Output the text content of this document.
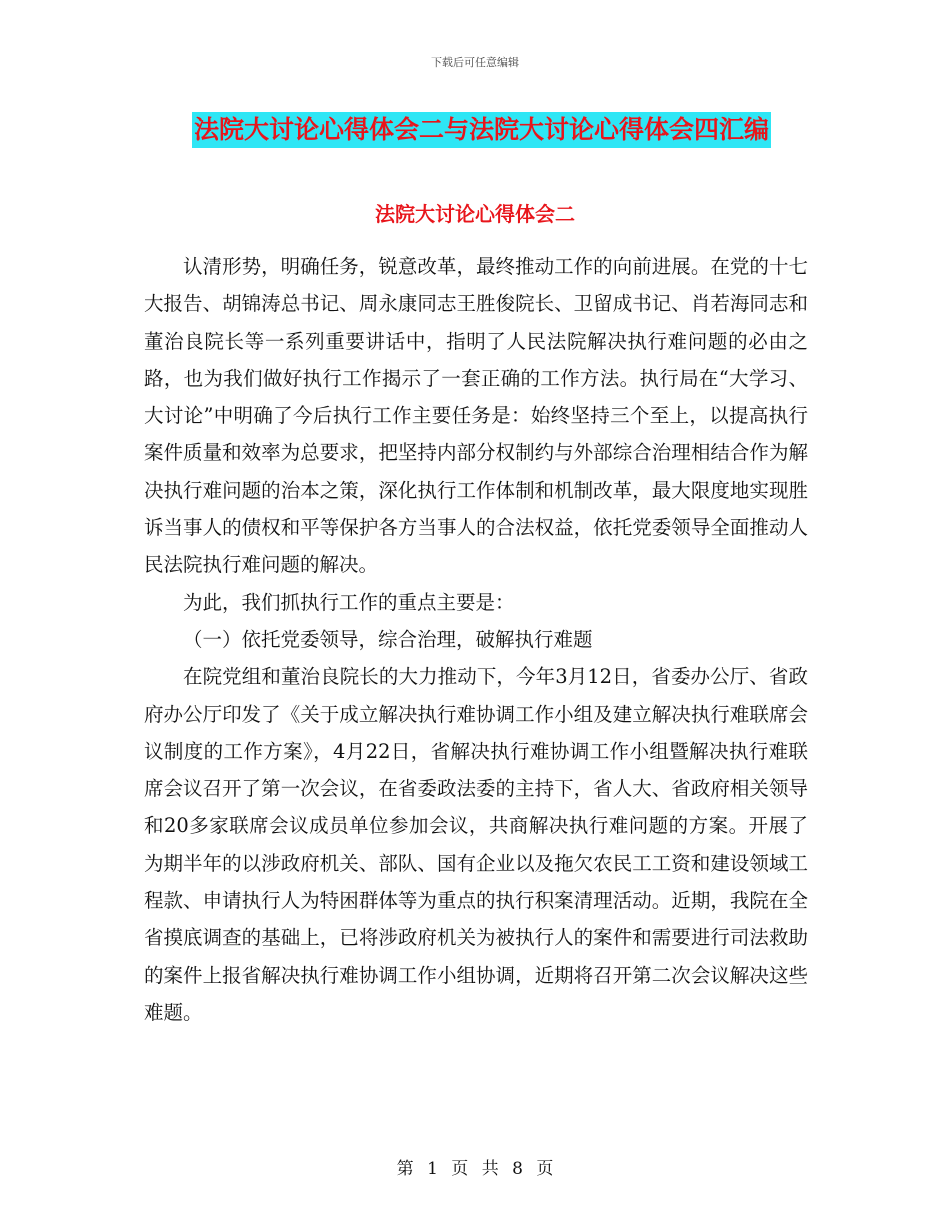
下载后可任意编辑
法院大讨论心得体会二与法院大讨论心得体会四汇编
法院大讨论心得体会二

认清形势，明确任务，锐意改革，最终推动工作的向前进展。在党的十七大报告、胡锦涛总书记、周永康同志王胜俊院长、卫留成书记、肖若海同志和董治良院长等一系列重要讲话中，指明了人民法院解决执行难问题的必由之路，也为我们做好执行工作揭示了一套正确的工作方法。执行局在“大学习、大讨论”中明确了今后执行工作主要任务是：始终坚持三个至上，以提高执行案件质量和效率为总要求，把坚持内部分权制约与外部综合治理相结合作为解决执行难问题的治本之策，深化执行工作体制和机制改革，最大限度地实现胜诉当事人的债权和平等保护各方当事人的合法权益，依托党委领导全面推动人民法院执行难问题的解决。

为此，我们抓执行工作的重点主要是：

（一）依托党委领导，综合治理，破解执行难题

在院党组和董治良院长的大力推动下，今年3月12日，省委办公厅、省政府办公厅印发了《关于成立解决执行难协调工作小组及建立解决执行难联席会议制度的工作方案》，4月22日，省解决执行难协调工作小组暨解决执行难联席会议召开了第一次会议，在省委政法委的主持下，省人大、省政府相关领导和20多家联席会议成员单位参加会议，共商解决执行难问题的方案。开展了为期半年的以涉政府机关、部队、国有企业以及拖欠农民工工资和建设领域工程款、申请执行人为特困群体等为重点的执行积案清理活动。近期，我院在全省摸底调查的基础上，已将涉政府机关为被执行人的案件和需要进行司法救助的案件上报省解决执行难协调工作小组协调，近期将召开第二次会议解决这些难题。

第 1 页 共 8 页
